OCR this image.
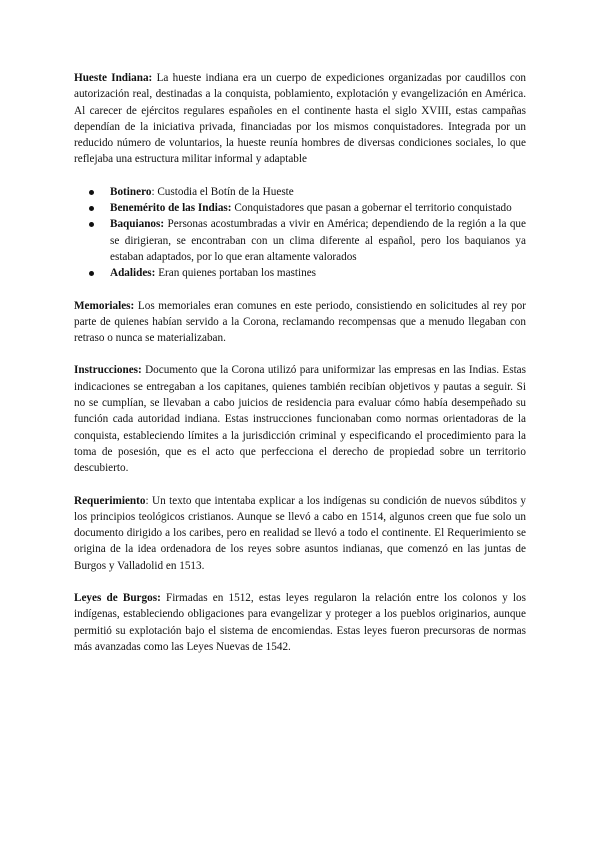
Hueste Indiana: La hueste indiana era un cuerpo de expediciones organizadas por caudillos con autorización real, destinadas a la conquista, poblamiento, explotación y evangelización en América. Al carecer de ejércitos regulares españoles en el continente hasta el siglo XVIII, estas campañas dependían de la iniciativa privada, financiadas por los mismos conquistadores. Integrada por un reducido número de voluntarios, la hueste reunía hombres de diversas condiciones sociales, lo que reflejaba una estructura militar informal y adaptable

Botinero: Custodia el Botín de la Hueste
Benemérito de las Indias: Conquistadores que pasan a gobernar el territorio conquistado
Baquianos: Personas acostumbradas a vivir en América; dependiendo de la región a la que se dirigieran, se encontraban con un clima diferente al español, pero los baquianos ya estaban adaptados, por lo que eran altamente valorados
Adalides: Eran quienes portaban los mastines

Memoriales: Los memoriales eran comunes en este periodo, consistiendo en solicitudes al rey por parte de quienes habían servido a la Corona, reclamando recompensas que a menudo llegaban con retraso o nunca se materializaban.

Instrucciones: Documento que la Corona utilizó para uniformizar las empresas en las Indias. Estas indicaciones se entregaban a los capitanes, quienes también recibían objetivos y pautas a seguir. Si no se cumplían, se llevaban a cabo juicios de residencia para evaluar cómo había desempeñado su función cada autoridad indiana. Estas instrucciones funcionaban como normas orientadoras de la conquista, estableciendo límites a la jurisdicción criminal y especificando el procedimiento para la toma de posesión, que es el acto que perfecciona el derecho de propiedad sobre un territorio descubierto.

Requerimiento: Un texto que intentaba explicar a los indígenas su condición de nuevos súbditos y los principios teológicos cristianos. Aunque se llevó a cabo en 1514, algunos creen que fue solo un documento dirigido a los caribes, pero en realidad se llevó a todo el continente. El Requerimiento se origina de la idea ordenadora de los reyes sobre asuntos indianas, que comenzó en las juntas de Burgos y Valladolid en 1513.

Leyes de Burgos: Firmadas en 1512, estas leyes regularon la relación entre los colonos y los indígenas, estableciendo obligaciones para evangelizar y proteger a los pueblos originarios, aunque permitió su explotación bajo el sistema de encomiendas. Estas leyes fueron precursoras de normas más avanzadas como las Leyes Nuevas de 1542.
